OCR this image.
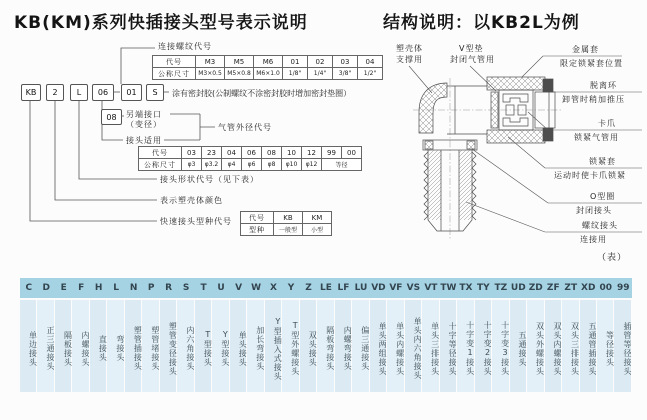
KB(KM)系列快插接头型号表示说明	结构说明：以KB2L为例
KB	2	L	06	01	S
08
连接螺纹代号
涂有密封胶(公制螺纹不涂密封胶时增加密封垫圈）
另端接口
（变径）
接头适用
气管外径代号
接头形状代号（见下表）
表示塑壳体颜色
快速接头型种代号
代号	M3	M5	M6	01	02	03	04
公称尺寸	M3×0.5	M5×0.8	M6×1.0	1/8"	1/4"	3/8"	1/2"
代号	03	23	04	06	08	10	12	99	00
公称尺寸	φ3	φ3.2	φ4	φ6	φ8	φ10	φ12	等径	
代号	KB	KM
型种	一般型	小型
塑壳体
支撑用
V型垫
封闭气管用
金属套
限定锁紧套位置
脱离环
卸管时稍加推压
卡爪
锁紧气管用
锁紧套
运动时使卡爪锁紧
O型圈
封闭接头
螺纹接头
连接用
（表）
C	D	E	F	H	L	N	P	R	S	T	U	V	W	X	Y	Z LE LF LU VD VF VS VT TW TX TY TZ UD ZD ZF ZT XD 00 99
单边接头	正三通接头	隔板接头	内螺接头	直接头	弯接头	塑管插接头	塑管堵接头	塑管变径接头	内六角接头	T型接头	Y型接头	单头接头	加长弯接头	Y型插入式接头	T型外螺接头	双头接头	隔板弯接头	内螺弯接头	偏三通接头	单头两组接头	单头内螺接头	单头内六角接头	单头三排接头	十字等径接头	十字变1接头	十字变2接头	十字变3接头	五通接头	双头外螺接头	双头内螺接头	双头三排接头	五通管插接头	等径接头	插管等径接头
